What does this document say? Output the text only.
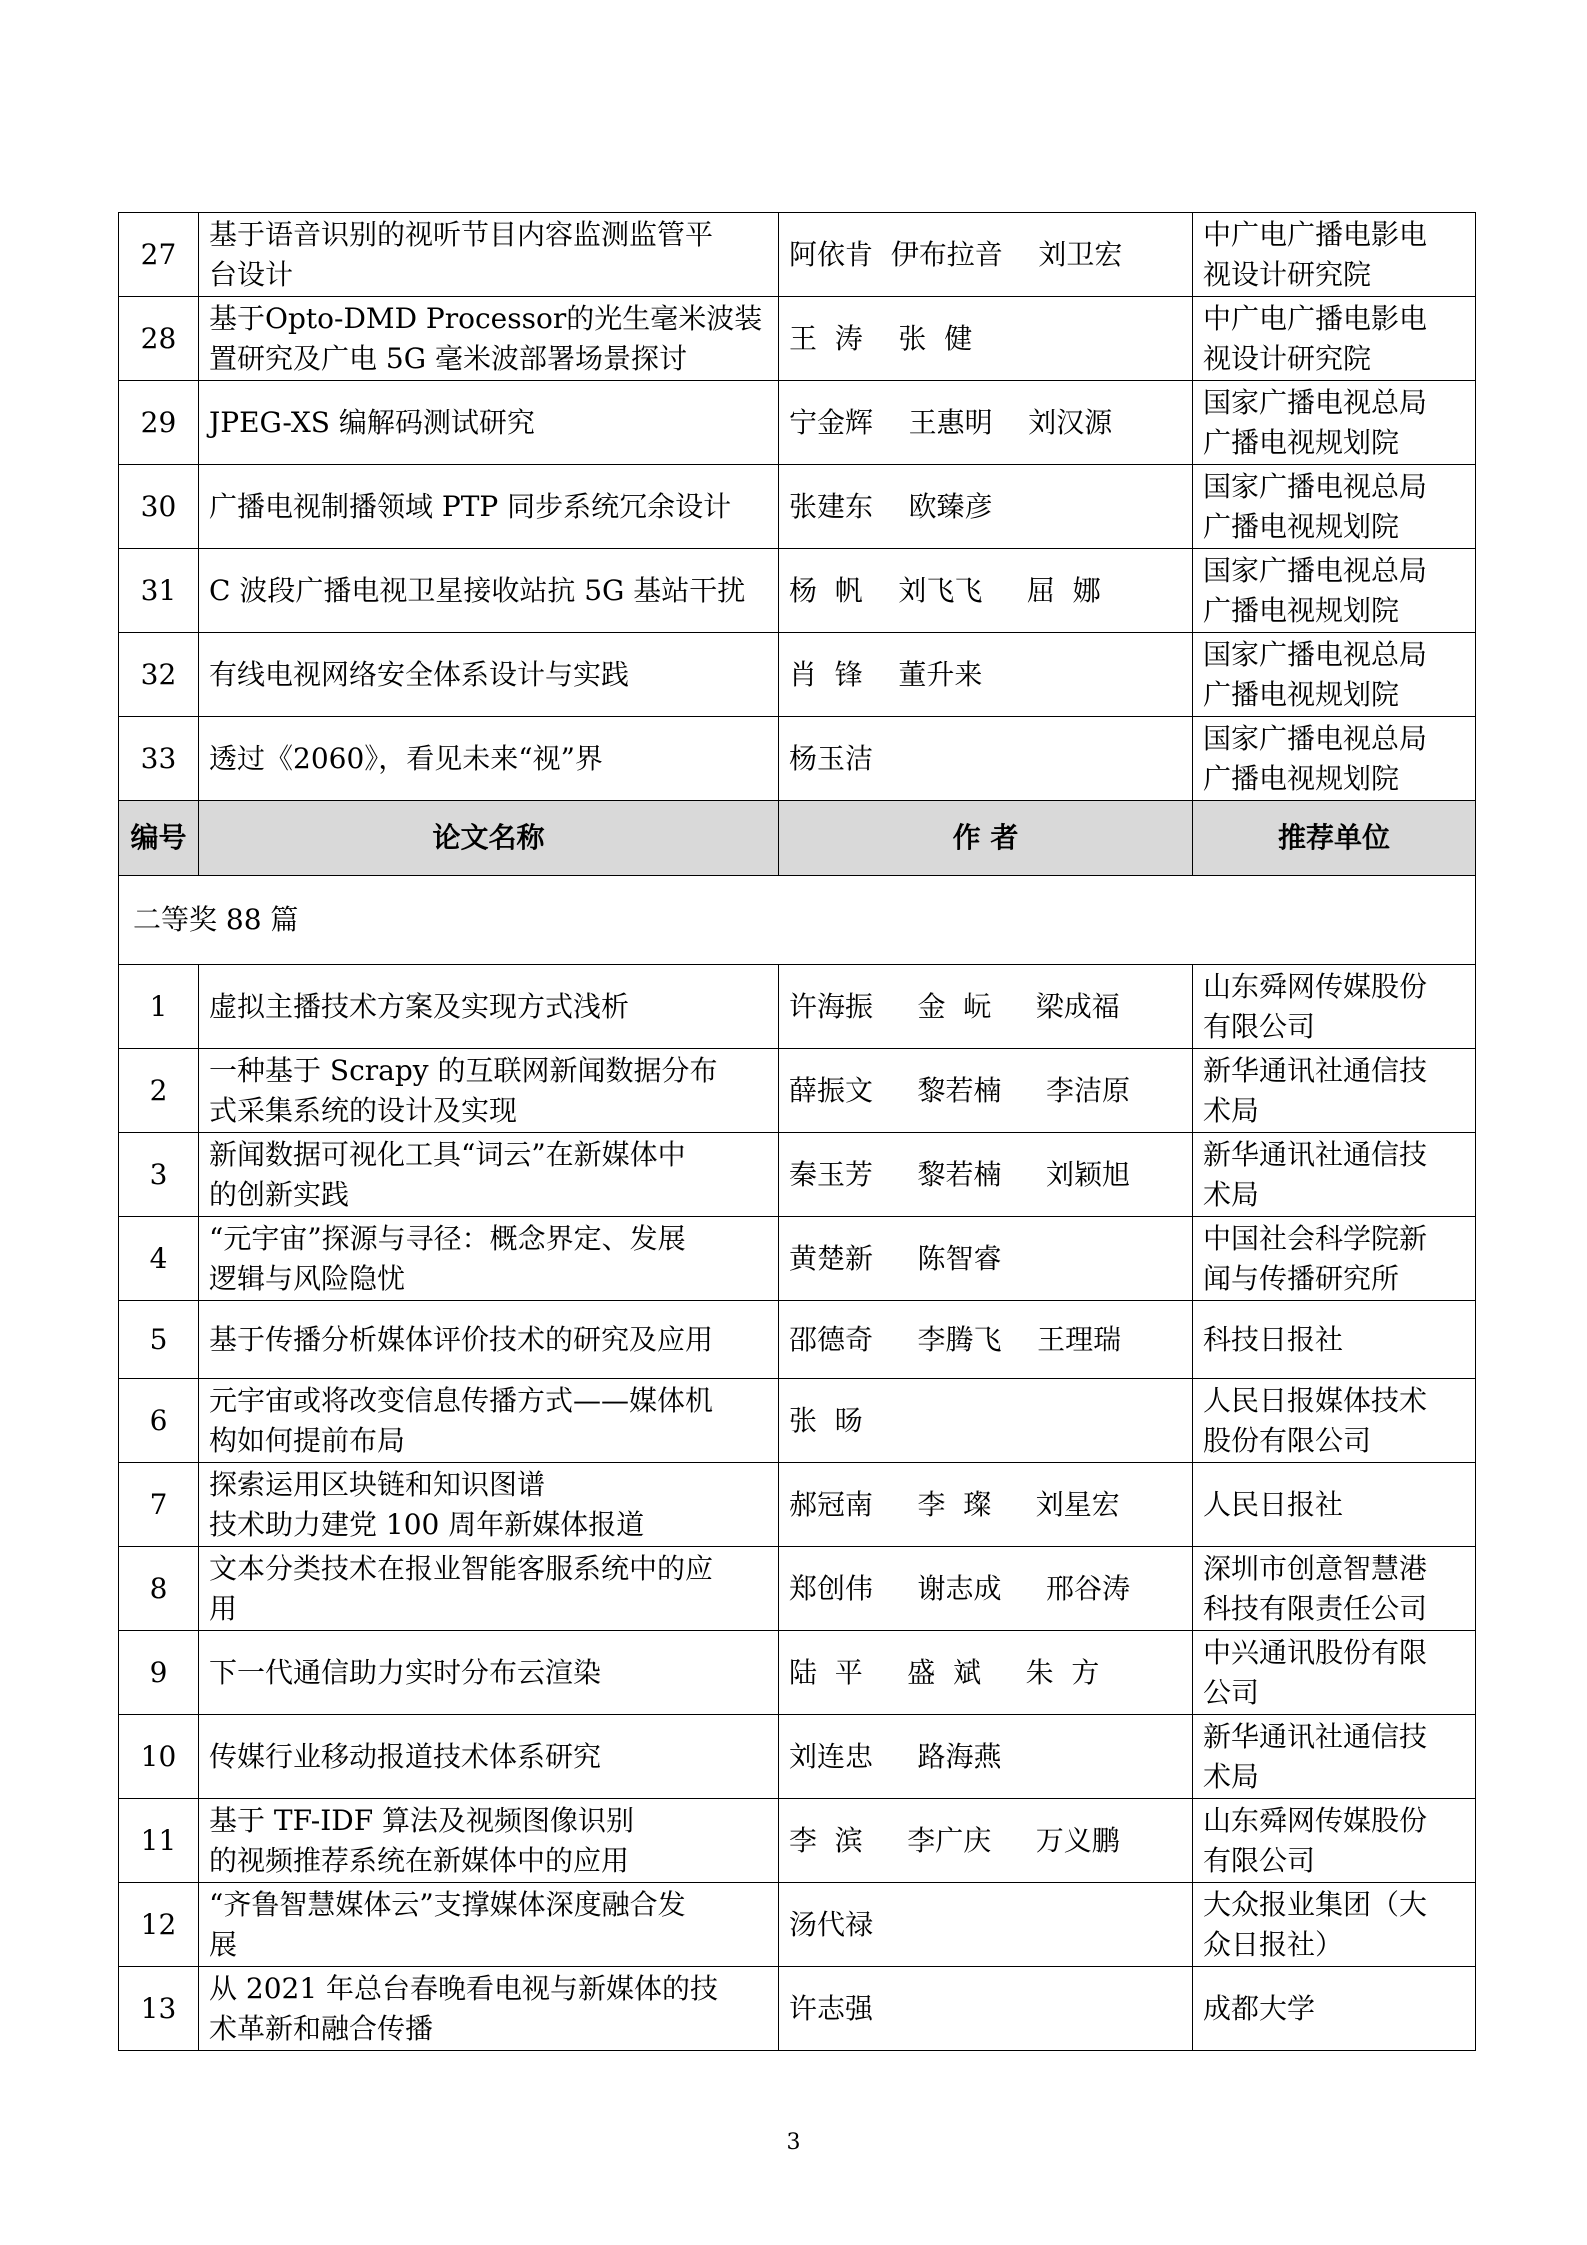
27	基于语音识别的视听节目内容监测监管平
台设计	阿依肯  伊布拉音    刘卫宏	中广电广播电影电
视设计研究院

28	基于Opto-DMD Processor的光生毫米波装
置研究及广电 5G 毫米波部署场景探讨	王  涛    张  健	中广电广播电影电
视设计研究院

29	JPEG-XS 编解码测试研究	宁金辉    王惠明    刘汉源	国家广播电视总局
广播电视规划院

30	广播电视制播领域 PTP 同步系统冗余设计	张建东    欧臻彦	国家广播电视总局
广播电视规划院

31	C 波段广播电视卫星接收站抗 5G 基站干扰	杨  帆    刘飞飞     屈  娜	国家广播电视总局
广播电视规划院

32	有线电视网络安全体系设计与实践	肖  锋    董升来	国家广播电视总局
广播电视规划院

33	透过《2060》，看见未来“视”界	杨玉洁	国家广播电视总局
广播电视规划院

编号	论文名称	作 者	推荐单位
二等奖 88 篇			
1	虚拟主播技术方案及实现方式浅析	许海振     金  岏     梁成福	山东舜网传媒股份
有限公司

2	一种基于 Scrapy 的互联网新闻数据分布
式采集系统的设计及实现	薛振文     黎若楠     李洁原	新华通讯社通信技
术局

3	新闻数据可视化工具“词云”在新媒体中
的创新实践	秦玉芳     黎若楠     刘颖旭	新华通讯社通信技
术局

4	“元宇宙”探源与寻径：概念界定、发展
逻辑与风险隐忧	黄楚新     陈智睿	中国社会科学院新
闻与传播研究所

5	基于传播分析媒体评价技术的研究及应用	邵德奇     李腾飞    王理瑞	科技日报社

6	元宇宙或将改变信息传播方式——媒体机
构如何提前布局	张  旸	人民日报媒体技术
股份有限公司

7	探索运用区块链和知识图谱
技术助力建党 100 周年新媒体报道	郝冠南     李  璨     刘星宏	人民日报社

8	文本分类技术在报业智能客服系统中的应
用	郑创伟     谢志成     邢谷涛	深圳市创意智慧港
科技有限责任公司

9	下一代通信助力实时分布云渲染	陆  平     盛  斌     朱  方	中兴通讯股份有限
公司

10	传媒行业移动报道技术体系研究	刘连忠     路海燕	新华通讯社通信技
术局

11	基于 TF-IDF 算法及视频图像识别
的视频推荐系统在新媒体中的应用	李  滨     李广庆     万义鹏	山东舜网传媒股份
有限公司

12	“齐鲁智慧媒体云”支撑媒体深度融合发
展	汤代禄	大众报业集团（大
众日报社）

13	从 2021 年总台春晚看电视与新媒体的技
术革新和融合传播	许志强	成都大学
3
